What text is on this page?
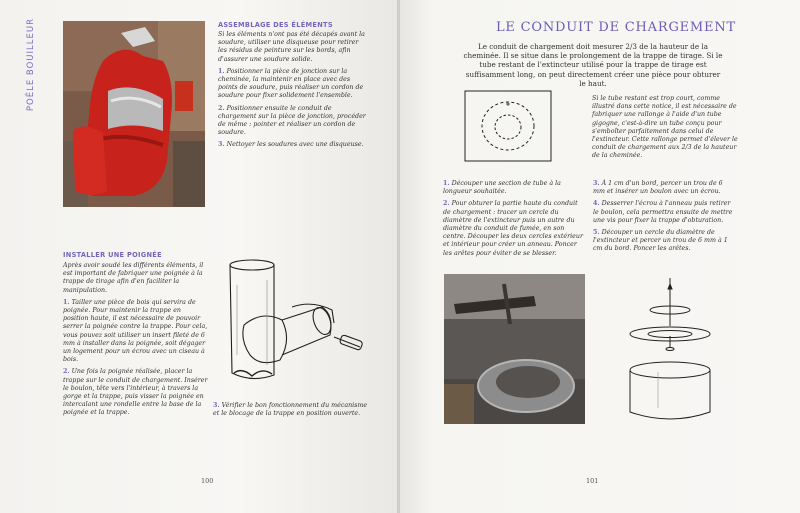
POÊLE BOUILLEUR	ASSEMBLAGE DES ÉLÉMENTS

Si les éléments n'ont pas été décapés avant la soudure, utiliser une disqueuse pour retirer les résidus de peinture sur les bords, afin d'assurer une soudure solide.

1. Positionner la pièce de jonction sur la cheminée, la maintenir en place avec des points de soudure, puis réaliser un cordon de soudure pour fixer solidement l'ensemble.

2. Positionner ensuite le conduit de chargement sur la pièce de jonction, procéder de même : pointer et réaliser un cordon de soudure.

3. Nettoyer les soudures avec une disqueuse.

INSTALLER UNE POIGNÉE

Après avoir soudé les différents éléments, il est important de fabriquer une poignée à la trappe de tirage afin d'en faciliter la manipulation.

1. Tailler une pièce de bois qui servira de poignée. Pour maintenir la trappe en position haute, il est nécessaire de pouvoir serrer la poignée contre la trappe. Pour cela, vous pouvez soit utiliser un insert fileté de 6 mm à installer dans la poignée, soit dégager un logement pour un écrou avec un ciseau à bois.

2. Une fois la poignée réalisée, placer la trappe sur le conduit de chargement. Insérer le boulon, tête vers l'intérieur, à travers la gorge et la trappe, puis visser la poignée en intercalant une rondelle entre la base de la poignée et la trappe.

3. Vérifier le bon fonctionnement du mécanisme et le blocage de la trappe en position ouverte.
100
LE CONDUIT DE CHARGEMENT
Le conduit de chargement doit mesurer 2/3 de la hauteur de la cheminée. Il se situe dans le prolongement de la trappe de tirage. Si le tube restant de l'extincteur utilisé pour la trappe de tirage est suffisamment long, on peut directement créer une pièce pour obturer le haut.
Si le tube restant est trop court, comme illustré dans cette notice, il est nécessaire de fabriquer une rallonge à l'aide d'un tube gigogne, c'est-à-dire un tube conçu pour s'emboîter parfaitement dans celui de l'extincteur. Cette rallonge permet d'élever le conduit de chargement aux 2/3 de la hauteur de la cheminée.

1. Découper une section de tube à la longueur souhaitée.

2. Pour obturer la partie haute du conduit de chargement : tracer un cercle du diamètre de l'extincteur puis un autre du diamètre du conduit de fumée, en son centre. Découper les deux cercles extérieur et intérieur pour créer un anneau. Poncer les arêtes pour éviter de se blesser.

3. À 1 cm d'un bord, percer un trou de 6 mm et insérer un boulon avec un écrou.

4. Desserrer l'écrou à l'anneau puis retirer le boulon, cela permettra ensuite de mettre une vis pour fixer la trappe d'obturation.

5. Découper un cercle du diamètre de l'extincteur et percer un trou de 6 mm à 1 cm du bord. Poncer les arêtes.

101
